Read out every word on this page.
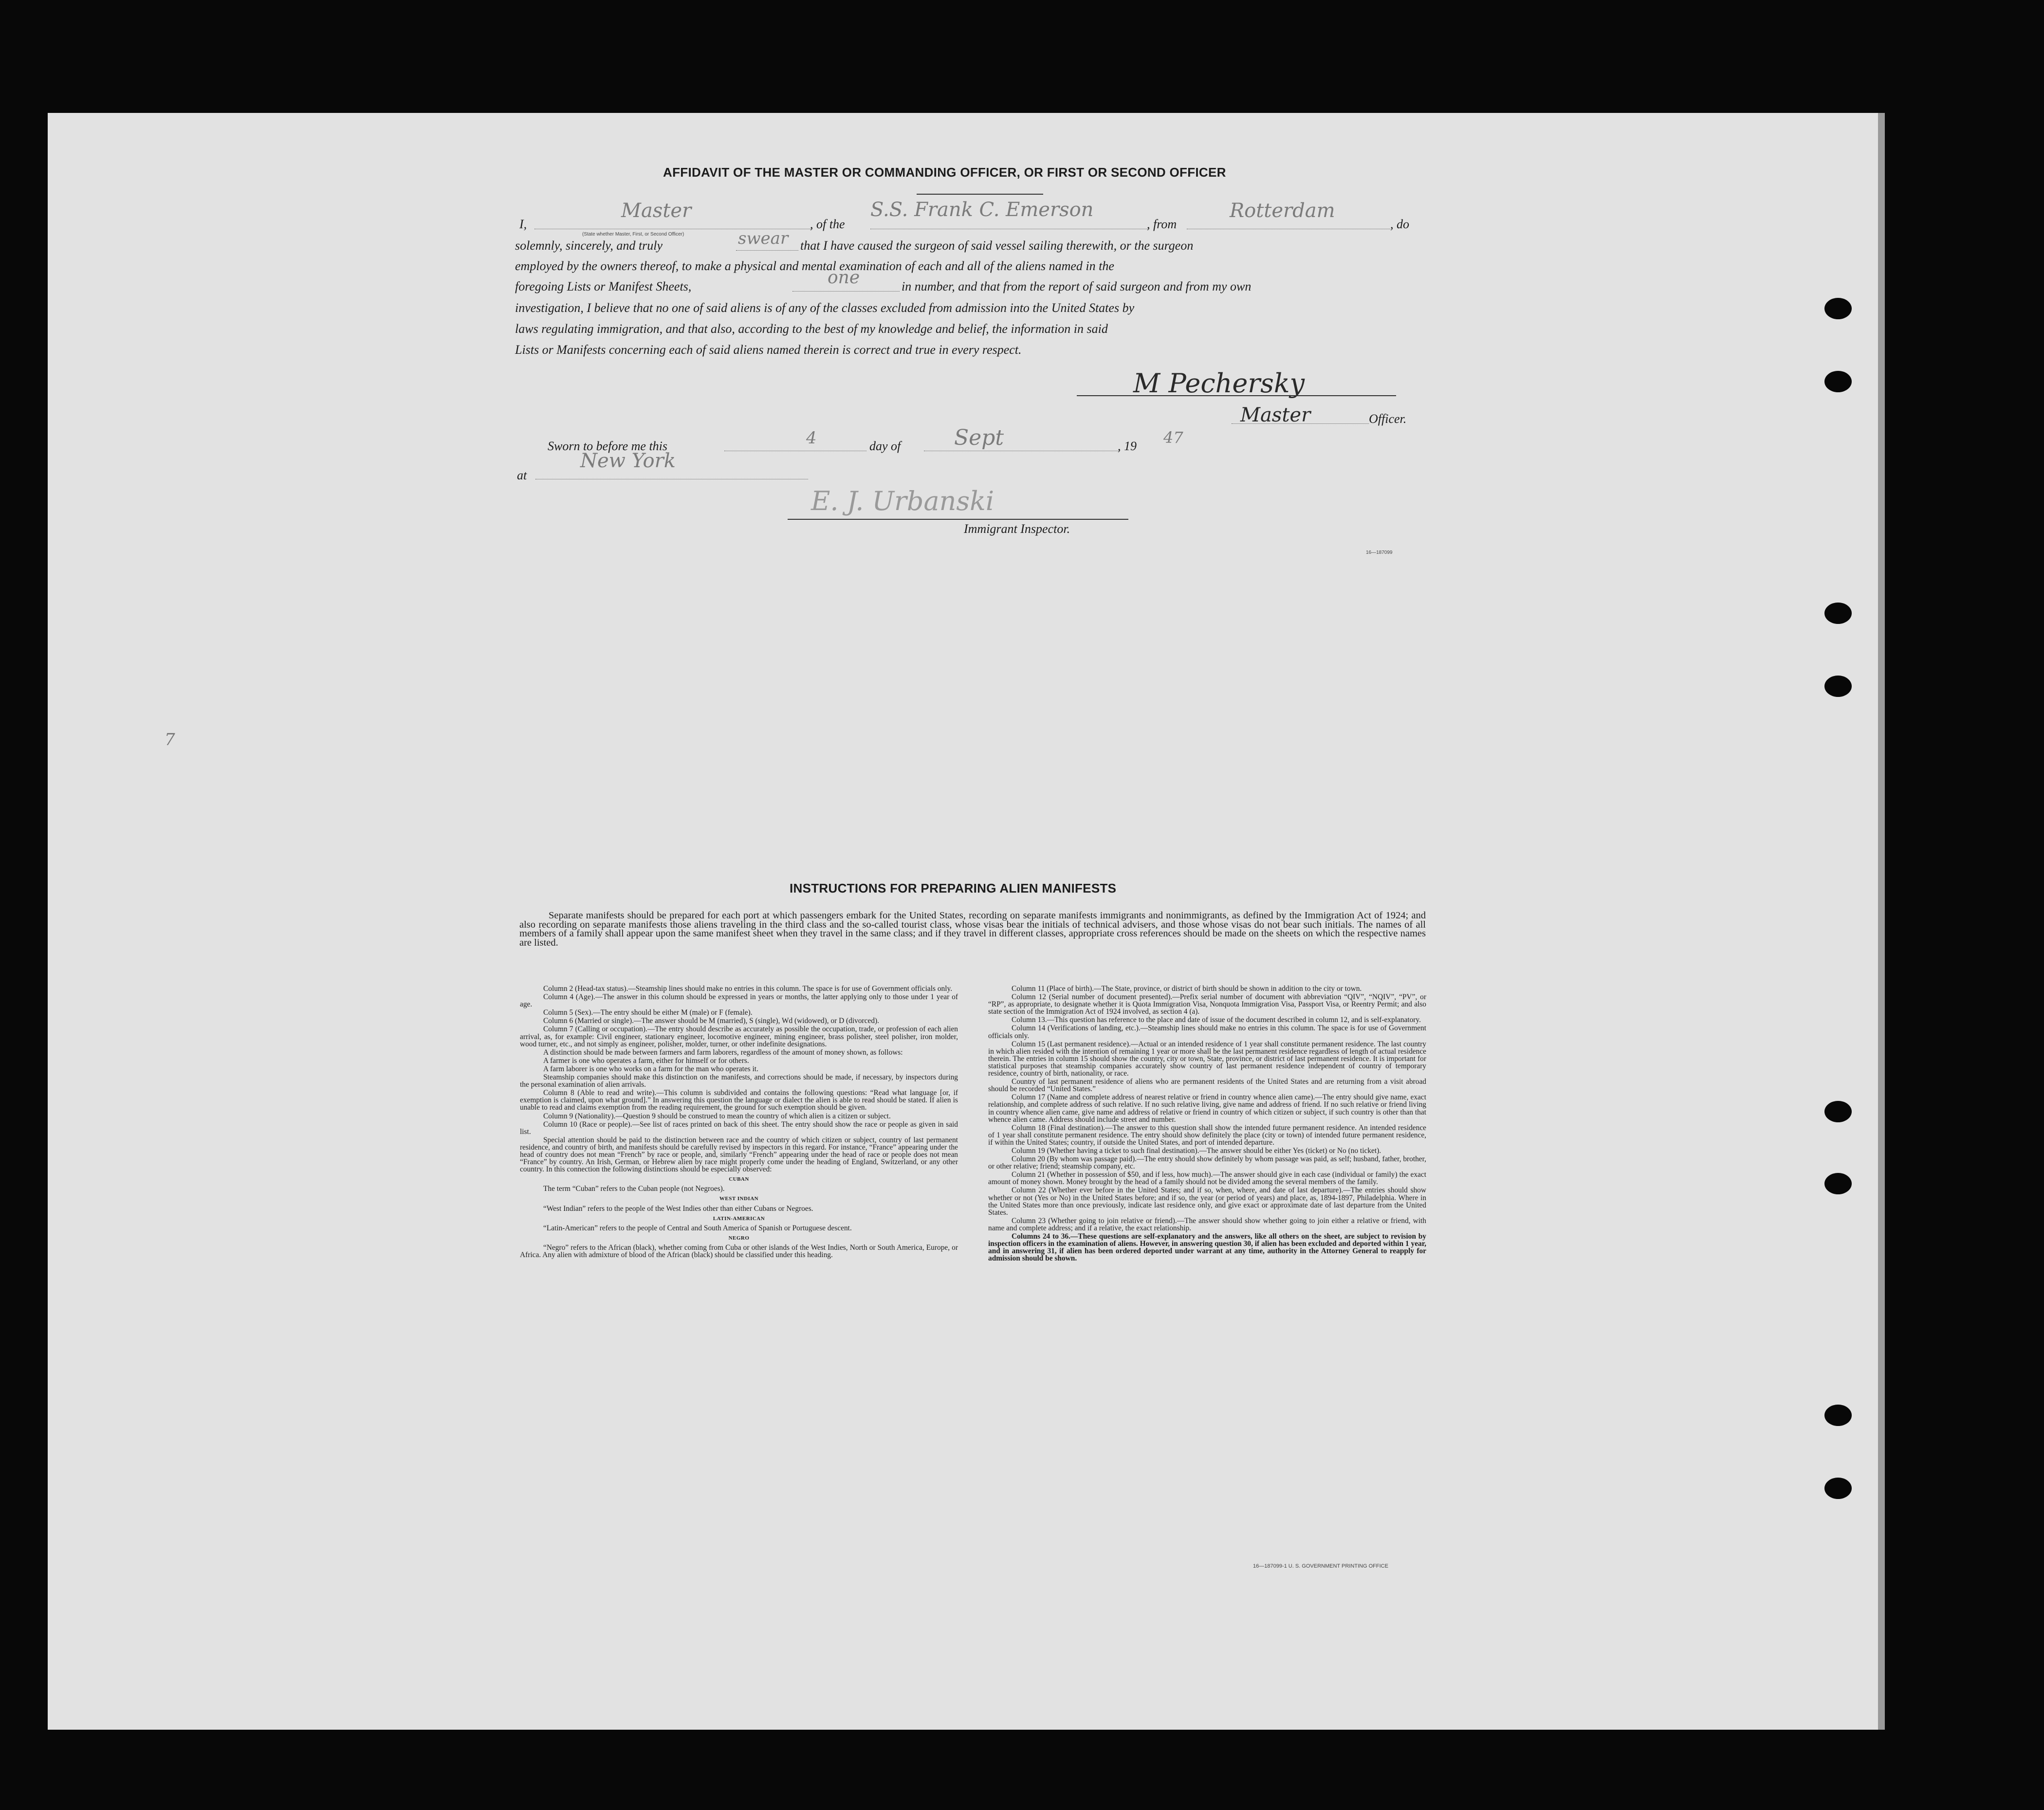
AFFIDAVIT OF THE MASTER OR COMMANDING OFFICER, OR FIRST OR SECOND OFFICER
I,
Master
(State whether Master, First, or Second Officer)
, of the
S.S. Frank C. Emerson
, from
Rotterdam
, do
solemnly, sincerely, and truly	swear that I have caused the surgeon of said vessel sailing therewith, or the surgeon
employed by the owners thereof, to make a physical and mental examination of each and all of the aliens named in the
foregoing Lists or Manifest Sheets,	one	in number, and that from the report of said surgeon and from my own
investigation, I believe that no one of said aliens is of any of the classes excluded from admission into the United States by
laws regulating immigration, and that also, according to the best of my knowledge and belief, the information in said
Lists or Manifests concerning each of said aliens named therein is correct and true in every respect.
M Pechersky
Master	Officer.
Sworn to before me this	4	day of Sept	, 19 47
at
New York
E. J. Urbanski
Immigrant Inspector.
16—187099
7
INSTRUCTIONS FOR PREPARING ALIEN MANIFESTS
Separate manifests should be prepared for each port at which passengers embark for the United States, recording on separate manifests immigrants and nonimmigrants, as defined by the Immigration Act of 1924; and also recording on separate manifests those aliens traveling in the third class and the so-called tourist class, whose visas bear the initials of technical advisers, and those whose visas do not bear such initials. The names of all members of a family shall appear upon the same manifest sheet when they travel in the same class; and if they travel in different classes, appropriate cross references should be made on the sheets on which the respective names are listed.

Column 2 (Head-tax status).—Steamship lines should make no entries in this column. The space is for use of Government officials only.

Column 4 (Age).—The answer in this column should be expressed in years or months, the latter applying only to those under 1 year of age.

Column 5 (Sex).—The entry should be either M (male) or F (female).

Column 6 (Married or single).—The answer should be M (married), S (single), Wd (widowed), or D (divorced).

Column 7 (Calling or occupation).—The entry should describe as accurately as possible the occupation, trade, or profession of each alien arrival, as, for example: Civil engineer, stationary engineer, locomotive engineer, mining engineer, brass polisher, steel polisher, iron molder, wood turner, etc., and not simply as engineer, polisher, molder, turner, or other indefinite designations.

A distinction should be made between farmers and farm laborers, regardless of the amount of money shown, as follows:

A farmer is one who operates a farm, either for himself or for others.

A farm laborer is one who works on a farm for the man who operates it.

Steamship companies should make this distinction on the manifests, and corrections should be made, if necessary, by inspectors during the personal examination of alien arrivals.

Column 8 (Able to read and write).—This column is subdivided and contains the following questions: “Read what language [or, if exemption is claimed, upon what ground].” In answering this question the language or dialect the alien is able to read should be stated. If alien is unable to read and claims exemption from the reading requirement, the ground for such exemption should be given.

Column 9 (Nationality).—Question 9 should be construed to mean the country of which alien is a citizen or subject.

Column 10 (Race or people).—See list of races printed on back of this sheet. The entry should show the race or people as given in said list.

Special attention should be paid to the distinction between race and the country of which citizen or subject, country of last permanent residence, and country of birth, and manifests should be carefully revised by inspectors in this regard. For instance, “France” appearing under the head of country does not mean “French” by race or people, and, similarly “French” appearing under the head of race or people does not mean “France” by country. An Irish, German, or Hebrew alien by race might properly come under the heading of England, Switzerland, or any other country. In this connection the following distinctions should be especially observed:

CUBAN

The term “Cuban” refers to the Cuban people (not Negroes).

WEST INDIAN

“West Indian” refers to the people of the West Indies other than either Cubans or Negroes.

LATIN-AMERICAN

“Latin-American” refers to the people of Central and South America of Spanish or Portuguese descent.

NEGRO

“Negro” refers to the African (black), whether coming from Cuba or other islands of the West Indies, North or South America, Europe, or Africa. Any alien with admixture of blood of the African (black) should be classified under this heading.

Column 11 (Place of birth).—The State, province, or district of birth should be shown in addition to the city or town.

Column 12 (Serial number of document presented).—Prefix serial number of document with abbreviation “QIV”, “NQIV”, “PV”, or “RP”, as appropriate, to designate whether it is Quota Immigration Visa, Nonquota Immigration Visa, Passport Visa, or Reentry Permit; and also state section of the Immigration Act of 1924 involved, as section 4 (a).

Column 13.—This question has reference to the place and date of issue of the document described in column 12, and is self-explanatory.

Column 14 (Verifications of landing, etc.).—Steamship lines should make no entries in this column. The space is for use of Government officials only.

Column 15 (Last permanent residence).—Actual or an intended residence of 1 year shall constitute permanent residence. The last country in which alien resided with the intention of remaining 1 year or more shall be the last permanent residence regardless of length of actual residence therein. The entries in column 15 should show the country, city or town, State, province, or district of last permanent residence. It is important for statistical purposes that steamship companies accurately show country of last permanent residence independent of country of temporary residence, country of birth, nationality, or race.

Country of last permanent residence of aliens who are permanent residents of the United States and are returning from a visit abroad should be recorded “United States.”

Column 17 (Name and complete address of nearest relative or friend in country whence alien came).—The entry should give name, exact relationship, and complete address of such relative. If no such relative living, give name and address of friend. If no such relative or friend living in country whence alien came, give name and address of relative or friend in country of which citizen or subject, if such country is other than that whence alien came. Address should include street and number.

Column 18 (Final destination).—The answer to this question shall show the intended future permanent residence. An intended residence of 1 year shall constitute permanent residence. The entry should show definitely the place (city or town) of intended future permanent residence, if within the United States; country, if outside the United States, and port of intended departure.

Column 19 (Whether having a ticket to such final destination).—The answer should be either Yes (ticket) or No (no ticket).

Column 20 (By whom was passage paid).—The entry should show definitely by whom passage was paid, as self; husband, father, brother, or other relative; friend; steamship company, etc.

Column 21 (Whether in possession of $50, and if less, how much).—The answer should give in each case (individual or family) the exact amount of money shown. Money brought by the head of a family should not be divided among the several members of the family.

Column 22 (Whether ever before in the United States; and if so, when, where, and date of last departure).—The entries should show whether or not (Yes or No) in the United States before; and if so, the year (or period of years) and place, as, 1894-1897, Philadelphia. Where in the United States more than once previously, indicate last residence only, and give exact or approximate date of last departure from the United States.

Column 23 (Whether going to join relative or friend).—The answer should show whether going to join either a relative or friend, with name and complete address; and if a relative, the exact relationship.

Columns 24 to 36.—These questions are self-explanatory and the answers, like all others on the sheet, are subject to revision by inspection officers in the examination of aliens. However, in answering question 30, if alien has been excluded and deported within 1 year, and in answering 31, if alien has been ordered deported under warrant at any time, authority in the Attorney General to reapply for admission should be shown.

16—187099-1 U. S. GOVERNMENT PRINTING OFFICE
